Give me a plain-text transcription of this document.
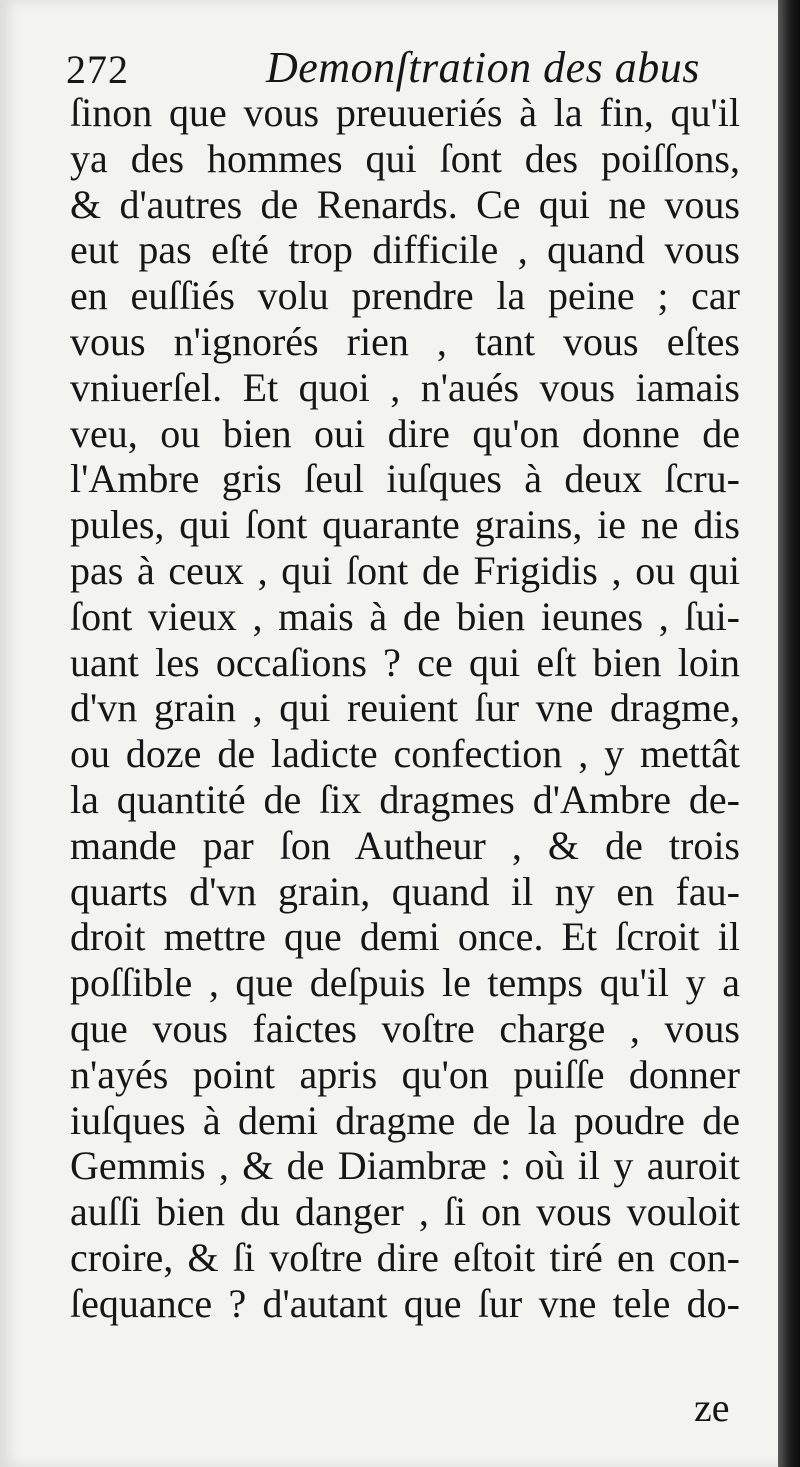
272	Demonſtration des abus
ſinon que vous preuueriés à la fin, qu'il
ya des hommes qui ſont des poiſſons,
& d'autres de Renards. Ce qui ne vous
eut pas eſté trop difficile , quand vous
en euſſiés volu prendre la peine ; car
vous n'ignorés rien , tant vous eſtes
vniuerſel. Et quoi , n'aués vous iamais
veu, ou bien oui dire qu'on donne de
l'Ambre gris ſeul iuſques à deux ſcru-
pules, qui ſont quarante grains, ie ne dis
pas à ceux , qui ſont de Frigidis , ou qui
ſont vieux , mais à de bien ieunes , ſui-
uant les occaſions ? ce qui eſt bien loin
d'vn grain , qui reuient ſur vne dragme,
ou doze de ladicte confection , y mettât
la quantité de ſix dragmes d'Ambre de-
mande par ſon Autheur , & de trois
quarts d'vn grain, quand il ny en fau-
droit mettre que demi once. Et ſcroit il
poſſible , que deſpuis le temps qu'il y a
que vous faictes voſtre charge , vous
n'ayés point apris qu'on puiſſe donner
iuſques à demi dragme de la poudre de
Gemmis , & de Diambræ : où il y auroit
auſſi bien du danger , ſi on vous vouloit
croire, & ſi voſtre dire eſtoit tiré en con-
ſequance ? d'autant que ſur vne tele do-
ze
